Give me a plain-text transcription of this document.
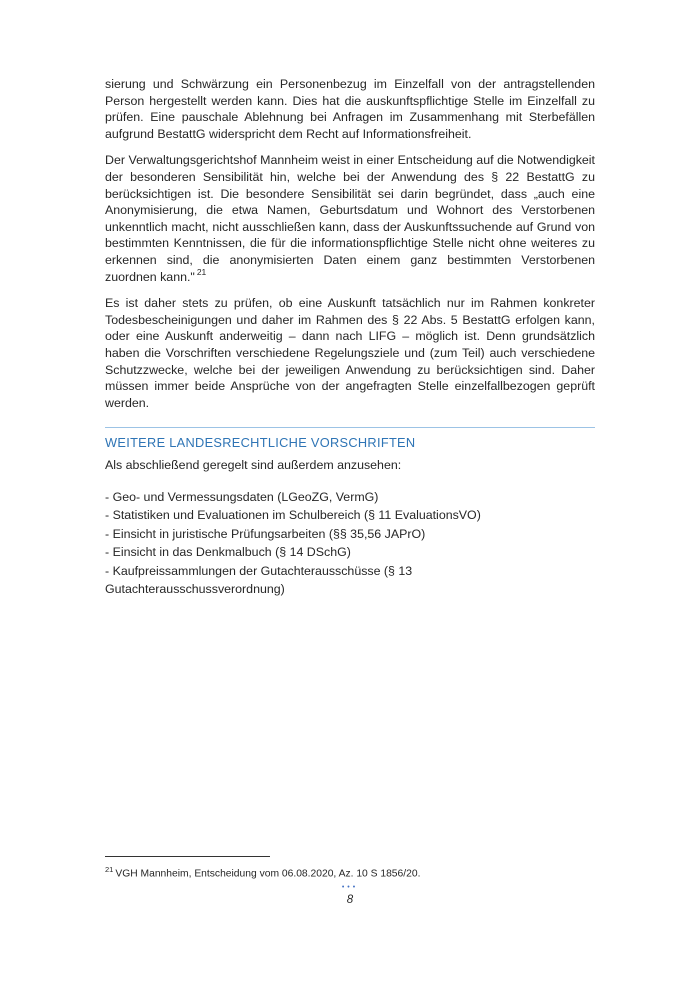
sierung und Schwärzung ein Personenbezug im Einzelfall von der antragstellenden Person hergestellt werden kann. Dies hat die auskunftspflichtige Stelle im Einzelfall zu prüfen. Eine pauschale Ablehnung bei Anfragen im Zusammenhang mit Sterbefällen aufgrund BestattG widerspricht dem Recht auf Informationsfreiheit.

Der Verwaltungsgerichtshof Mannheim weist in einer Entscheidung auf die Notwendigkeit der besonderen Sensibilität hin, welche bei der Anwendung des § 22 BestattG zu berücksichtigen ist. Die besondere Sensibilität sei darin begründet, dass „auch eine Anonymisierung, die etwa Namen, Geburtsdatum und Wohnort des Verstorbenen unkenntlich macht, nicht ausschließen kann, dass der Auskunftssuchende auf Grund von bestimmten Kenntnissen, die für die informationspflichtige Stelle nicht ohne weiteres zu erkennen sind, die anonymisierten Daten einem ganz bestimmten Verstorbenen zuordnen kann." $^{21}$

Es ist daher stets zu prüfen, ob eine Auskunft tatsächlich nur im Rahmen konkreter Todesbescheinigungen und daher im Rahmen des § 22 Abs. 5 BestattG erfolgen kann, oder eine Auskunft anderweitig – dann nach LIFG – möglich ist. Denn grundsätzlich haben die Vorschriften verschiedene Regelungsziele und (zum Teil) auch verschiedene Schutzzwecke, welche bei der jeweiligen Anwendung zu berücksichtigen sind. Daher müssen immer beide Ansprüche von der angefragten Stelle einzelfallbezogen geprüft werden.

WEITERE LANDESRECHTLICHE VORSCHRIFTEN
Als abschließend geregelt sind außerdem anzusehen:
- Geo- und Vermessungsdaten (LGeoZG, VermG)
- Statistiken und Evaluationen im Schulbereich (§ 11 EvaluationsVO)
- Einsicht in juristische Prüfungsarbeiten (§§ 35,56 JAPrO)
- Einsicht in das Denkmalbuch (§ 14 DSchG)
- Kaufpreissammlungen der Gutachterausschüsse (§ 13 Gutachterausschussverordnung)
$^{21}$ VGH Mannheim, Entscheidung vom 06.08.2020, Az. 10 S 1856/20.
•••
8
